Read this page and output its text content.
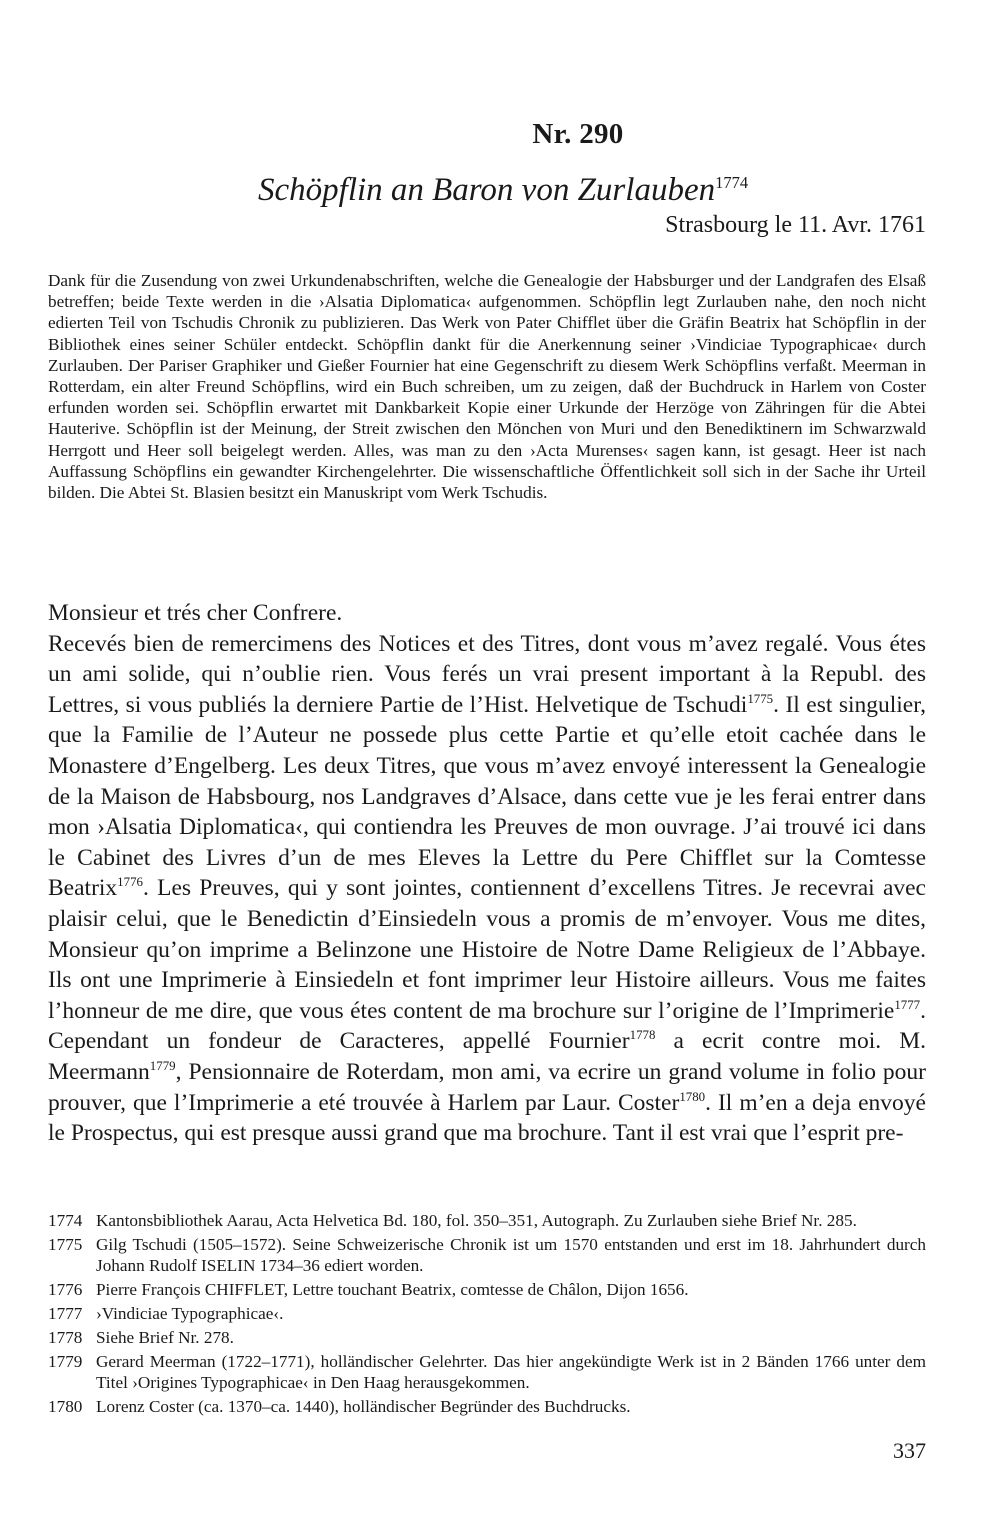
Nr. 290
Schöpflin an Baron von Zurlauben$^{1774}$
Strasbourg le 11. Avr. 1761
Dank für die Zusendung von zwei Urkundenabschriften, welche die Genealogie der Habsburger und der Landgrafen des Elsaß betreffen; beide Texte werden in die ›Alsatia Diplomatica‹ aufgenommen. Schöpflin legt Zurlauben nahe, den noch nicht edierten Teil von Tschudis Chronik zu publizieren. Das Werk von Pater Chifflet über die Gräfin Beatrix hat Schöpflin in der Bibliothek eines seiner Schüler entdeckt. Schöpflin dankt für die Anerkennung seiner ›Vindiciae Typographicae‹ durch Zurlauben. Der Pariser Graphiker und Gießer Fournier hat eine Gegenschrift zu diesem Werk Schöpflins verfaßt. Meerman in Rotterdam, ein alter Freund Schöpflins, wird ein Buch schreiben, um zu zeigen, daß der Buchdruck in Harlem von Coster erfunden worden sei. Schöpflin erwartet mit Dankbarkeit Kopie einer Urkunde der Herzöge von Zähringen für die Abtei Hauterive. Schöpflin ist der Meinung, der Streit zwischen den Mönchen von Muri und den Benediktinern im Schwarzwald Herrgott und Heer soll beigelegt werden. Alles, was man zu den ›Acta Murenses‹ sagen kann, ist gesagt. Heer ist nach Auffassung Schöpflins ein gewandter Kirchengelehrter. Die wissenschaftliche Öffentlichkeit soll sich in der Sache ihr Urteil bilden. Die Abtei St. Blasien besitzt ein Manuskript vom Werk Tschudis.

Monsieur et trés cher Confrere.

Recevés bien de remercimens des Notices et des Titres, dont vous m’avez regalé. Vous étes un ami solide, qui n’oublie rien. Vous ferés un vrai present important à la Republ. des Lettres, si vous publiés la derniere Partie de l’Hist. Helvetique de Tschudi$^{1775}$. Il est singulier, que la Familie de l’Auteur ne possede plus cette Partie et qu’elle etoit cachée dans le Monastere d’Engelberg. Les deux Titres, que vous m’avez envoyé interessent la Genealogie de la Maison de Habsbourg, nos Landgraves d’Alsace, dans cette vue je les ferai entrer dans mon ›Alsatia Diplomatica‹, qui contiendra les Preuves de mon ouvrage. J’ai trouvé ici dans le Cabinet des Livres d’un de mes Eleves la Lettre du Pere Chifflet sur la Comtesse Beatrix$^{1776}$. Les Preuves, qui y sont jointes, contiennent d’excellens Titres. Je recevrai avec plaisir celui, que le Benedictin d’Einsiedeln vous a promis de m’envoyer. Vous me dites, Monsieur qu’on imprime a Belinzone une Histoire de Notre Dame Religieux de l’Abbaye. Ils ont une Imprimerie à Einsiedeln et font imprimer leur Histoire ailleurs. Vous me faites l’honneur de me dire, que vous étes content de ma brochure sur l’origine de l’Imprimerie$^{1777}$. Cependant un fondeur de Caracteres, appellé Fournier$^{1778}$ a ecrit contre moi. M. Meermann$^{1779}$, Pensionnaire de Roterdam, mon ami, va ecrire un grand volume in folio pour prouver, que l’Imprimerie a eté trouvée à Harlem par Laur. Coster$^{1780}$. Il m’en a deja envoyé le Prospectus, qui est presque aussi grand que ma brochure. Tant il est vrai que l’esprit pre-

1774 Kantonsbibliothek Aarau, Acta Helvetica Bd. 180, fol. 350–351, Autograph. Zu Zurlauben siehe Brief Nr. 285.
1775 Gilg Tschudi (1505–1572). Seine Schweizerische Chronik ist um 1570 entstanden und erst im 18. Jahrhundert durch Johann Rudolf ISELIN 1734–36 ediert worden.
1776 Pierre François CHIFFLET, Lettre touchant Beatrix, comtesse de Châlon, Dijon 1656.
1777 ›Vindiciae Typographicae‹.
1778 Siehe Brief Nr. 278.
1779 Gerard Meerman (1722–1771), holländischer Gelehrter. Das hier angekündigte Werk ist in 2 Bänden 1766 unter dem Titel ›Origines Typographicae‹ in Den Haag herausgekommen.
1780 Lorenz Coster (ca. 1370–ca. 1440), holländischer Begründer des Buchdrucks.
337
